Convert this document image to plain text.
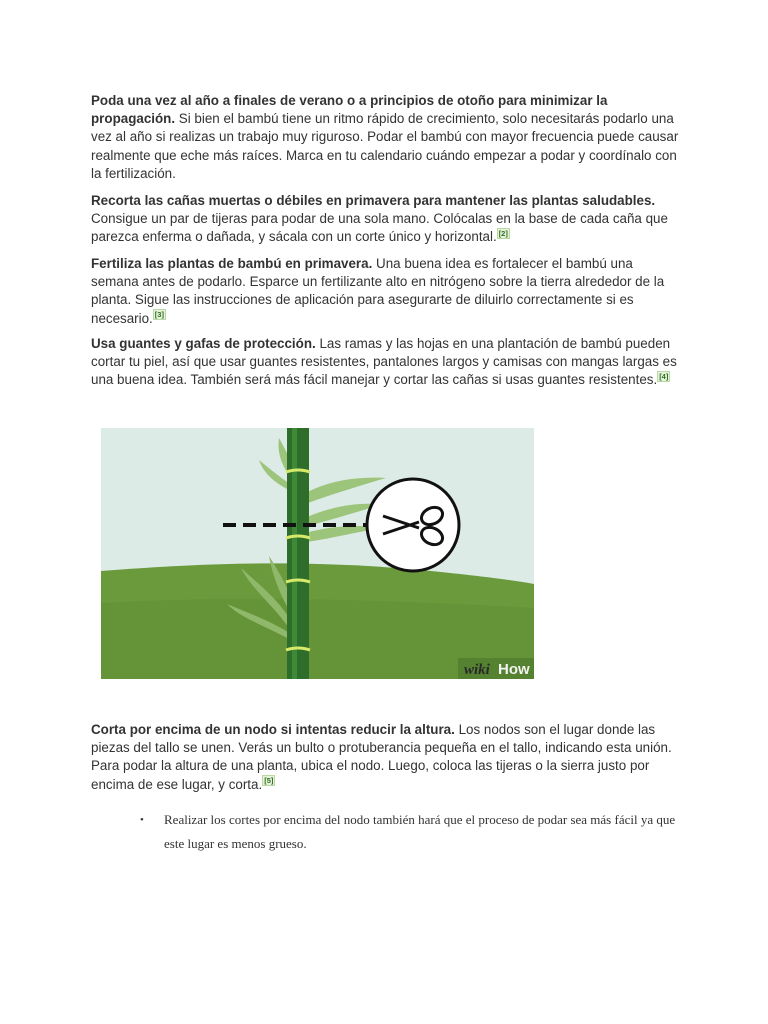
Poda una vez al año a finales de verano o a principios de otoño para minimizar la propagación. Si bien el bambú tiene un ritmo rápido de crecimiento, solo necesitarás podarlo una vez al año si realizas un trabajo muy riguroso. Podar el bambú con mayor frecuencia puede causar realmente que eche más raíces. Marca en tu calendario cuándo empezar a podar y coordínalo con la fertilización.

Recorta las cañas muertas o débiles en primavera para mantener las plantas saludables. Consigue un par de tijeras para podar de una sola mano. Colócalas en la base de cada caña que parezca enferma o dañada, y sácala con un corte único y horizontal. [2]

Fertiliza las plantas de bambú en primavera. Una buena idea es fortalecer el bambú una semana antes de podarlo. Esparce un fertilizante alto en nitrógeno sobre la tierra alrededor de la planta. Sigue las instrucciones de aplicación para asegurarte de diluirlo correctamente si es necesario. [3]

Usa guantes y gafas de protección. Las ramas y las hojas en una plantación de bambú pueden cortar tu piel, así que usar guantes resistentes, pantalones largos y camisas con mangas largas es una buena idea. También será más fácil manejar y cortar las cañas si usas guantes resistentes. [4]

wiki How

Corta por encima de un nodo si intentas reducir la altura. Los nodos son el lugar donde las piezas del tallo se unen. Verás un bulto o protuberancia pequeña en el tallo, indicando esta unión. Para podar la altura de una planta, ubica el nodo. Luego, coloca las tijeras o la sierra justo por encima de ese lugar, y corta. [5]

• Realizar los cortes por encima del nodo también hará que el proceso de podar sea más fácil ya que este lugar es menos grueso.
